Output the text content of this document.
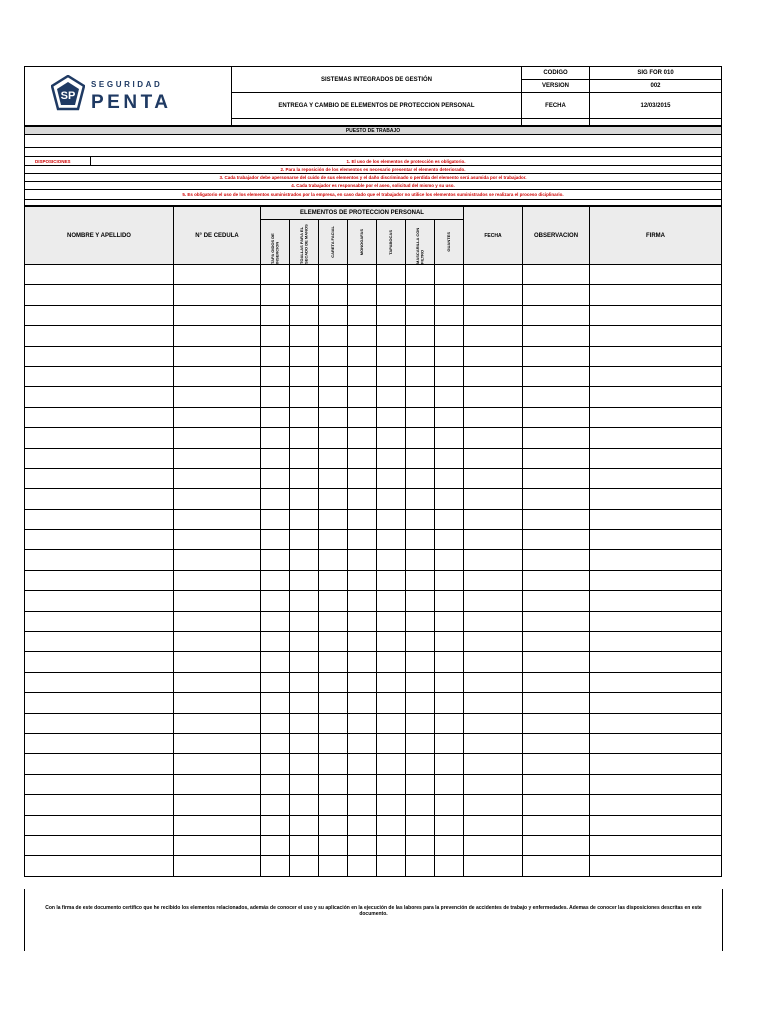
SP
SEGURIDAD
PENTA	SISTEMAS INTEGRADOS DE GESTIÓN	CODIGO	SIG FOR 010
		VERSION	002
	ENTREGA Y CAMBIO DE ELEMENTOS DE PROTECCION PERSONAL	FECHA	12/03/2015

PUESTO DE TRABAJO

DISPOSICIONES	1. El uso de los elementos de protección es obligatorio.
2. Para la reposición de los elementos es necesario presentar el elemento deteriorado.
3. Cada trabajador debe apersonarse del cuido de sus elementos y el daño discriminado o perdida del elemento será asumida por el trabajador.
4. Cada trabajador es responsable por el aseo, solicitud del mismo y su uso.
5. Es obligatorio el uso de los elementos suministrados por la empresa, en caso dado que el trabajador no utilice los elementos suministrados se realizara el proceso diciplinario.

NOMBRE Y APELLIDO	N° DE CEDULA	ELEMENTOS DE PROTECCION PERSONAL							FECHA	OBSERVACION	FIRMA

		TAPA OIDOS DE INSERCION	TOALLAS PARA EL SECADO DE MANOS	CARETA FACIAL	MONOGAFAS	TAPABOCAS	MASCARILLA CON FILTRO	GUANTES			

Con la firma de este documento certifico que he recibido los elementos relacionados, además de conocer el uso y su aplicación en la ejecución de las labores para la prevención de accidentes de trabajo y enfermedades. Ademas de conocer las disposiciones descritas en este documento.
